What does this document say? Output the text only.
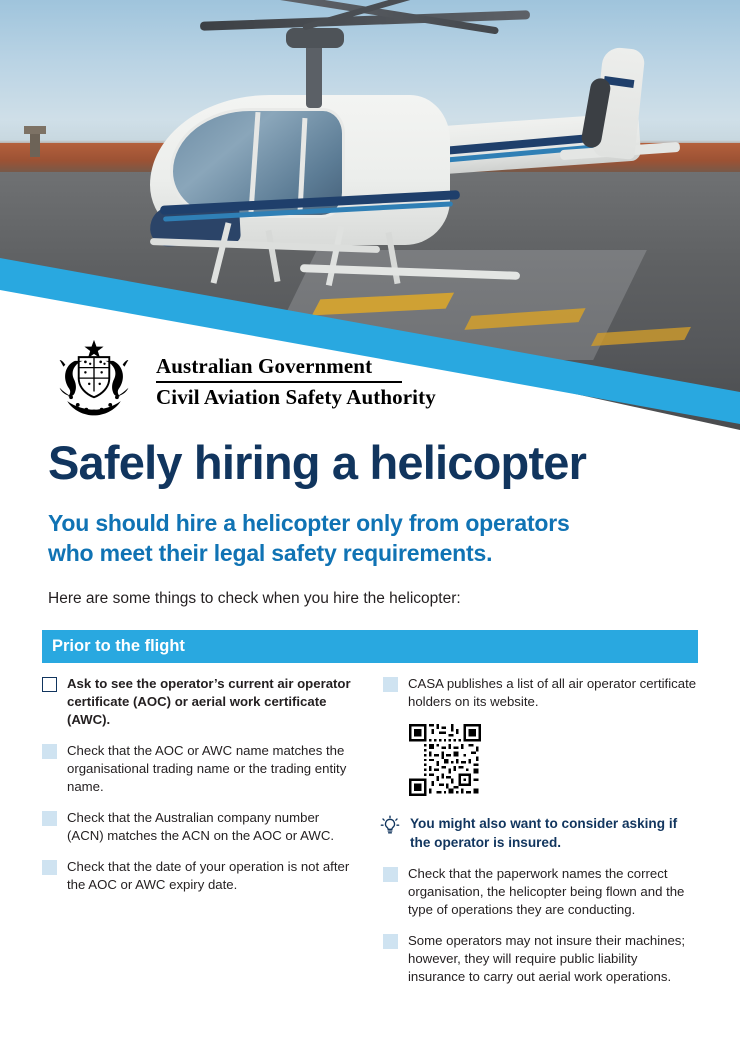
Australian Government
Civil Aviation Safety Authority
Safely hiring a helicopter

You should hire a helicopter only from operators who meet their legal safety requirements.

Here are some things to check when you hire the helicopter:

Prior to the flight
Ask to see the operator’s current air operator certificate (AOC) or aerial work certificate (AWC).
Check that the AOC or AWC name matches the organisational trading name or the trading entity name.
Check that the Australian company number (ACN) matches the ACN on the AOC or AWC.
Check that the date of your operation is not after the AOC or AWC expiry date.
CASA publishes a list of all air operator certificate holders on its website.
You might also want to consider asking if the operator is insured.
Check that the paperwork names the correct organisation, the helicopter being flown and the type of operations they are conducting.
Some operators may not insure their machines; however, they will require public liability insurance to carry out aerial work operations.
